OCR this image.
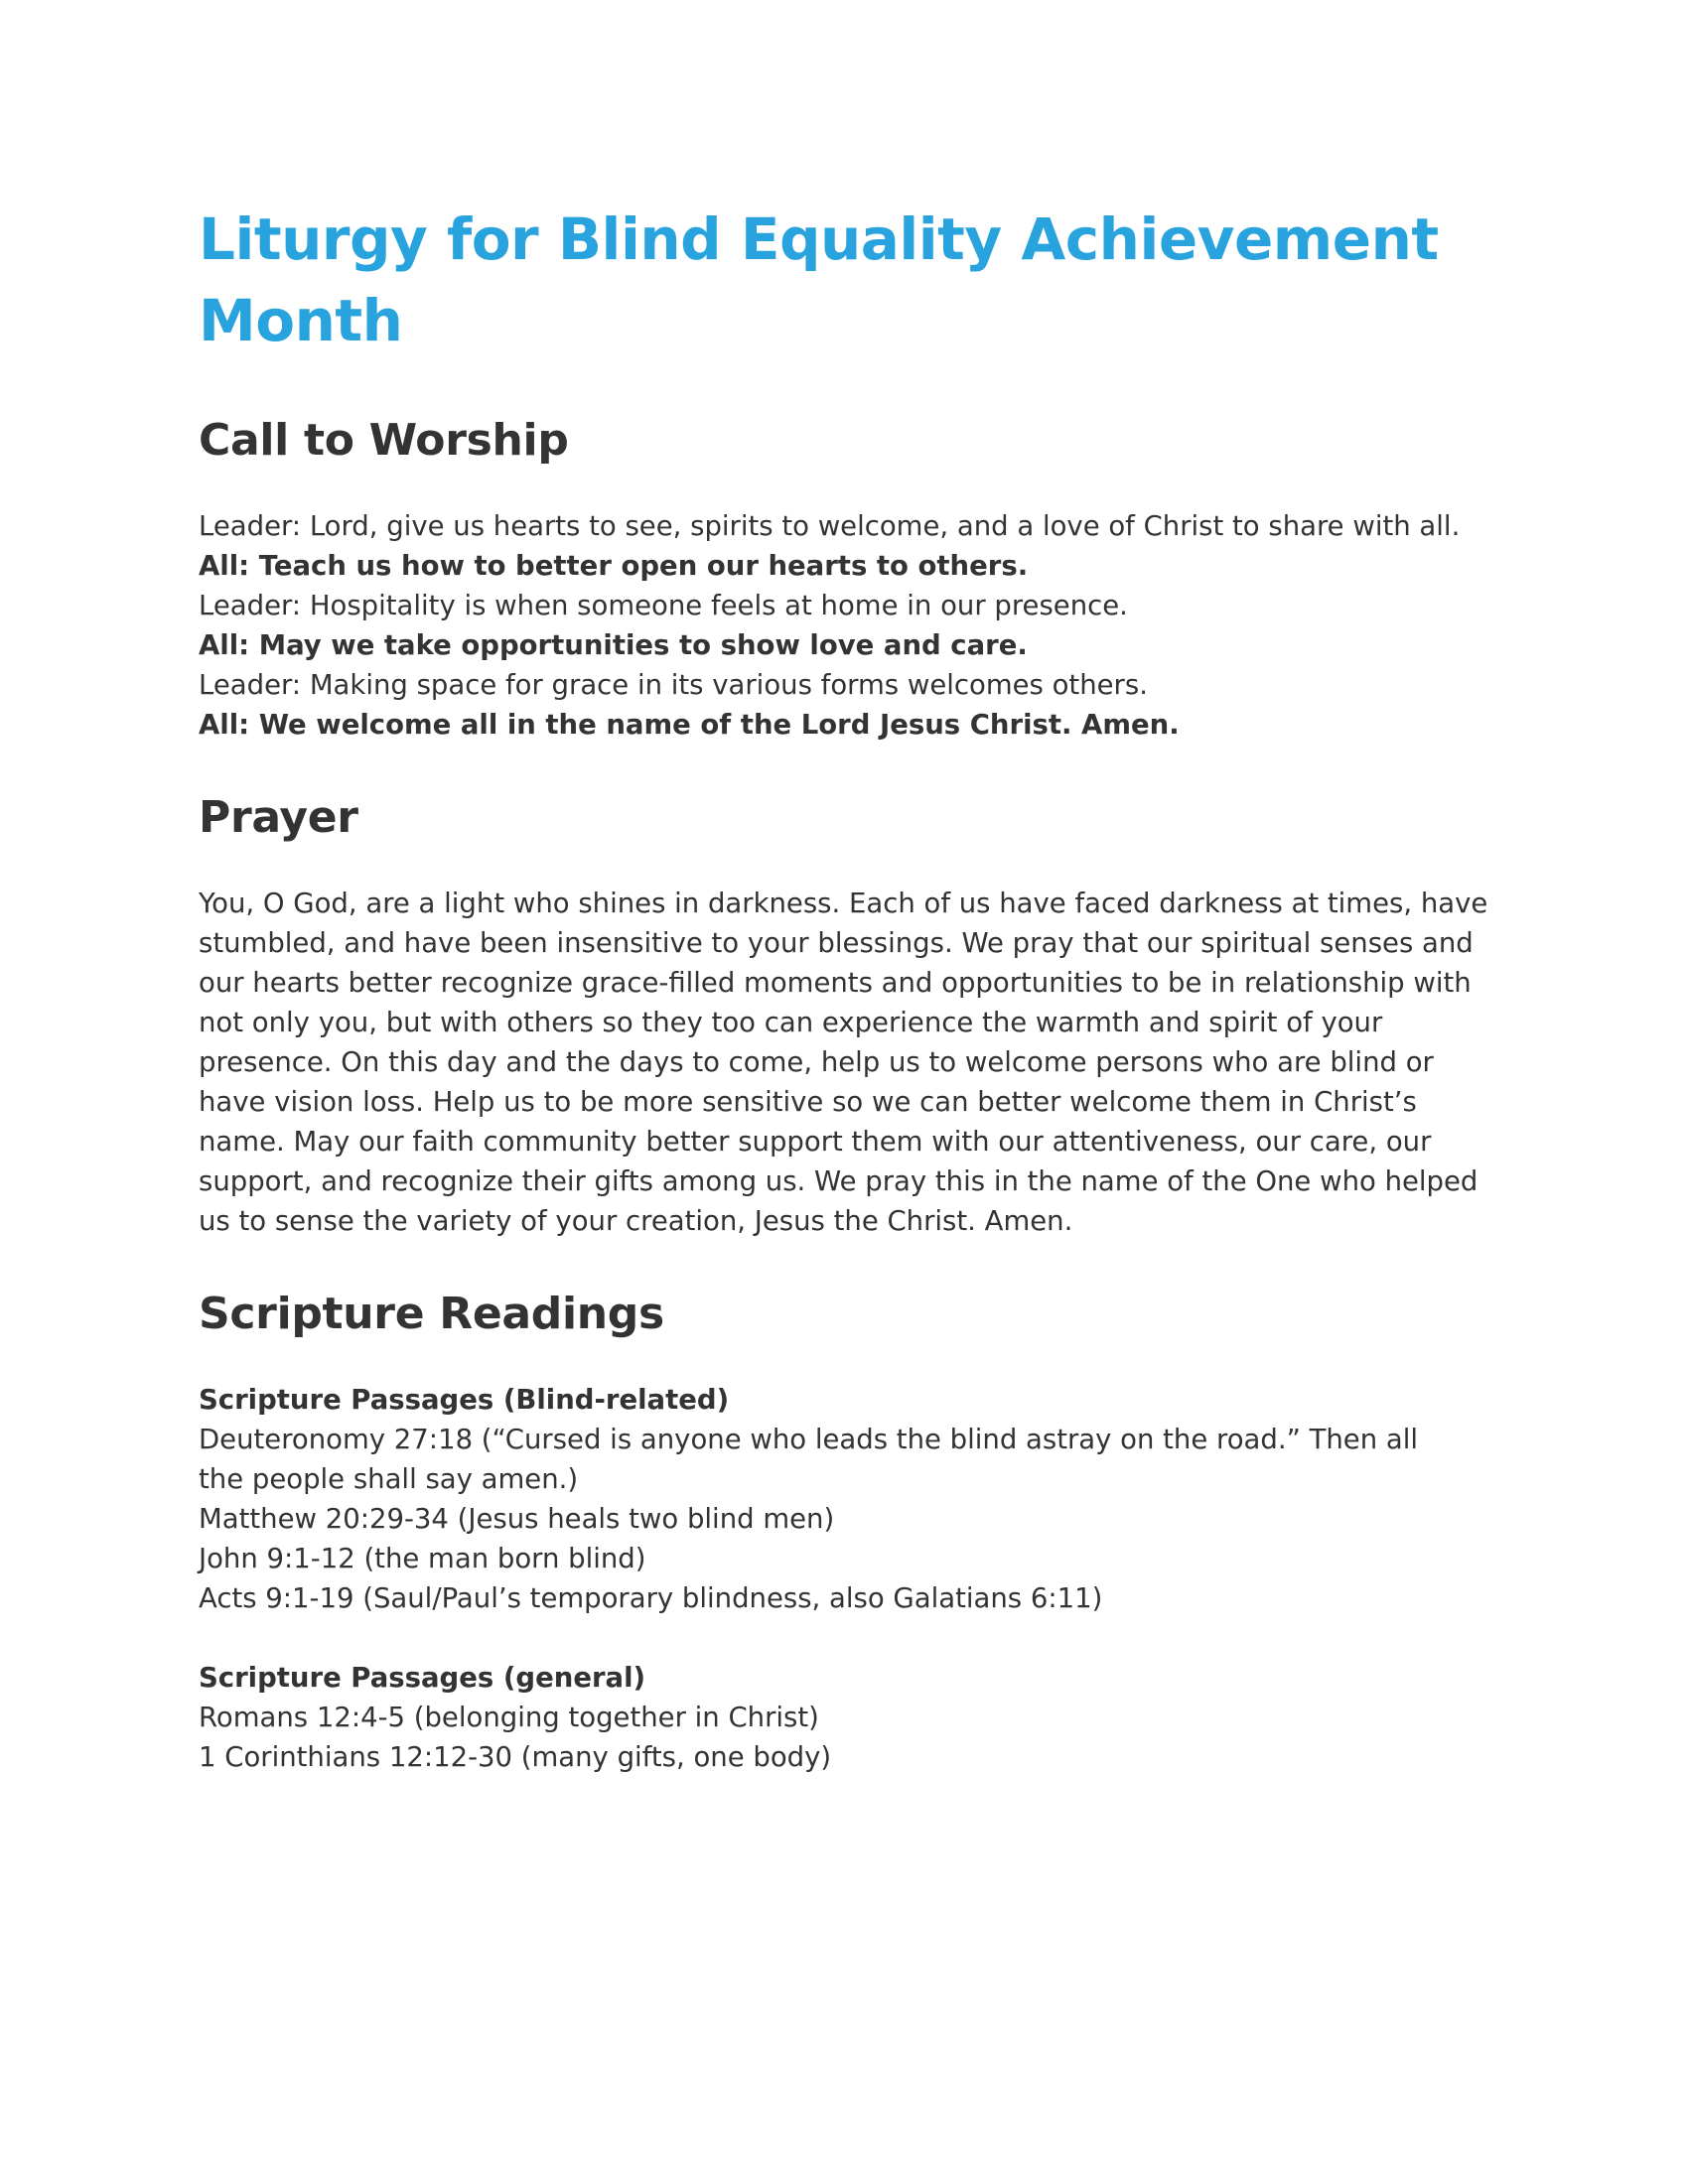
Liturgy for Blind Equality Achievement Month
Call to Worship
Leader: Lord, give us hearts to see, spirits to welcome, and a love of Christ to share with all.
All: Teach us how to better open our hearts to others.
Leader: Hospitality is when someone feels at home in our presence.
All: May we take opportunities to show love and care.
Leader: Making space for grace in its various forms welcomes others.
All: We welcome all in the name of the Lord Jesus Christ. Amen.
Prayer

You, O God, are a light who shines in darkness. Each of us have faced darkness at times, have stumbled, and have been insensitive to your blessings. We pray that our spiritual senses and our hearts better recognize grace-filled moments and opportunities to be in relationship with not only you, but with others so they too can experience the warmth and spirit of your presence. On this day and the days to come, help us to welcome persons who are blind or have vision loss. Help us to be more sensitive so we can better welcome them in Christ’s name. May our faith community better support them with our attentiveness, our care, our support, and recognize their gifts among us. We pray this in the name of the One who helped us to sense the variety of your creation, Jesus the Christ. Amen.

Scripture Readings
Scripture Passages (Blind-related)
Deuteronomy 27:18 (“Cursed is anyone who leads the blind astray on the road.” Then all the people shall say amen.)
Matthew 20:29-34 (Jesus heals two blind men)
John 9:1-12 (the man born blind)
Acts 9:1-19 (Saul/Paul’s temporary blindness, also Galatians 6:11)
Scripture Passages (general)
Romans 12:4-5 (belonging together in Christ)
1 Corinthians 12:12-30 (many gifts, one body)
